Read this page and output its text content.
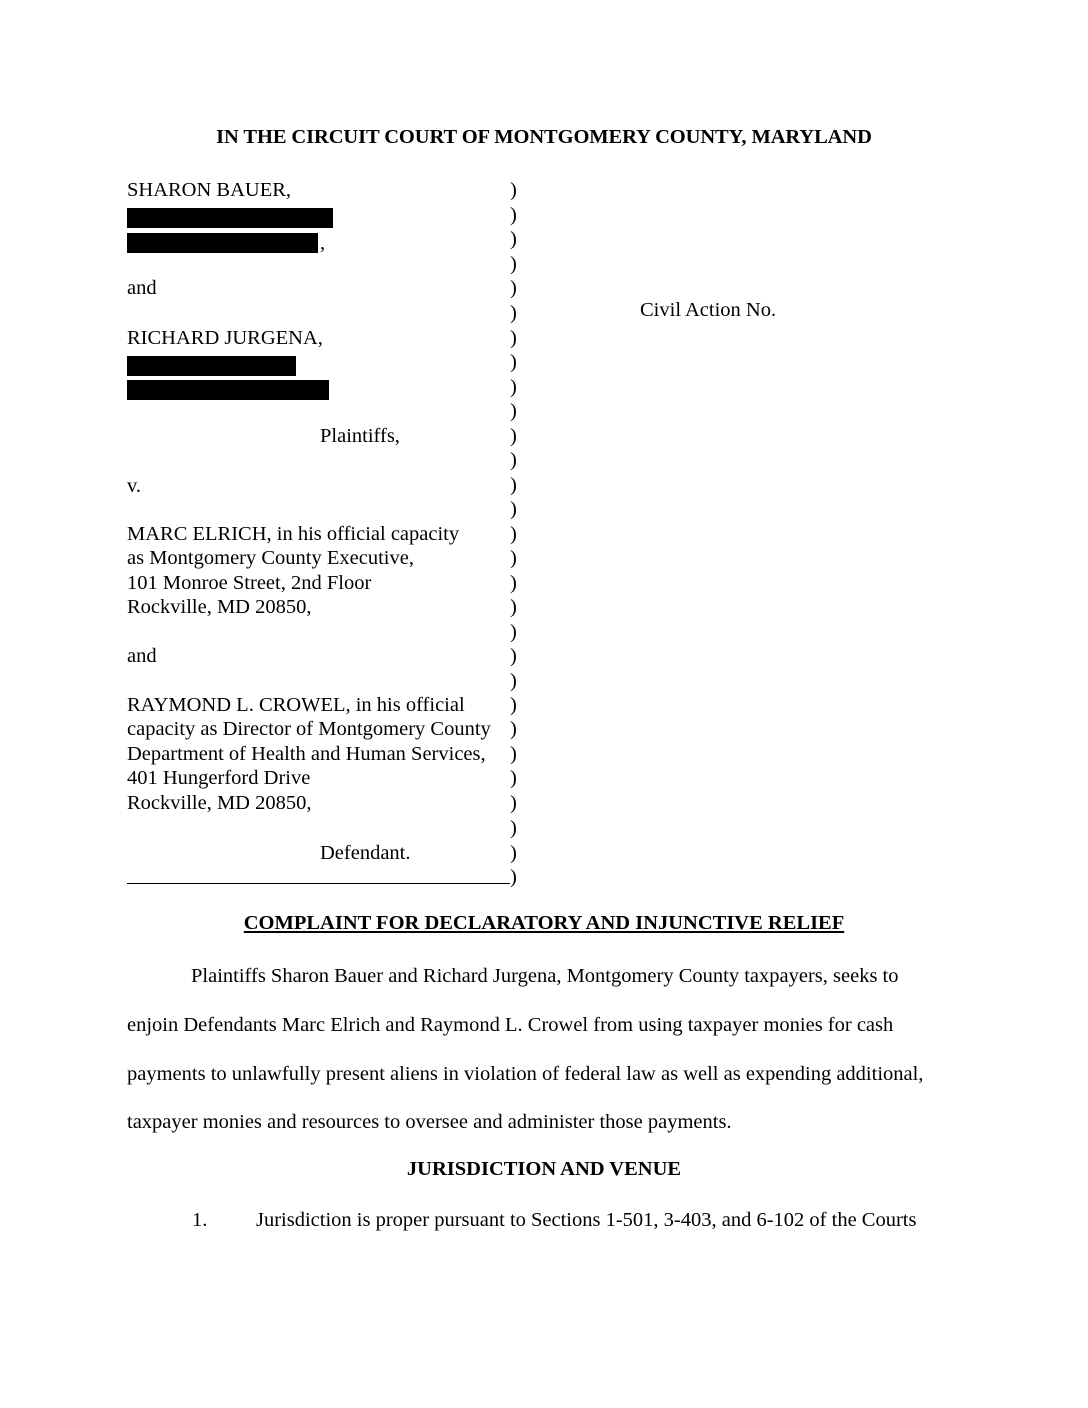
IN THE CIRCUIT COURT OF MONTGOMERY COUNTY, MARYLAND
SHARON BAUER,
,
and
RICHARD JURGENA,
Plaintiffs,
v.
MARC ELRICH, in his official capacity
as Montgomery County Executive,
101 Monroe Street, 2nd Floor
Rockville, MD 20850,
and
RAYMOND L. CROWEL, in his official
capacity as Director of Montgomery County
Department of Health and Human Services,
401 Hungerford Drive
Rockville, MD 20850,
Defendant.
)
)
)
)
)
)
)
)
)
)
)
)
)
)
)
)
)
)
)
)
)
)
)
)
)
)
)
)
)
Civil Action No.
COMPLAINT FOR DECLARATORY AND INJUNCTIVE RELIEF
Plaintiffs Sharon Bauer and Richard Jurgena, Montgomery County taxpayers, seeks to
enjoin Defendants Marc Elrich and Raymond L. Crowel from using taxpayer monies for cash
payments to unlawfully present aliens in violation of federal law as well as expending additional,
taxpayer monies and resources to oversee and administer those payments.
JURISDICTION AND VENUE
1. Jurisdiction is proper pursuant to Sections 1-501, 3-403, and 6-102 of the Courts
